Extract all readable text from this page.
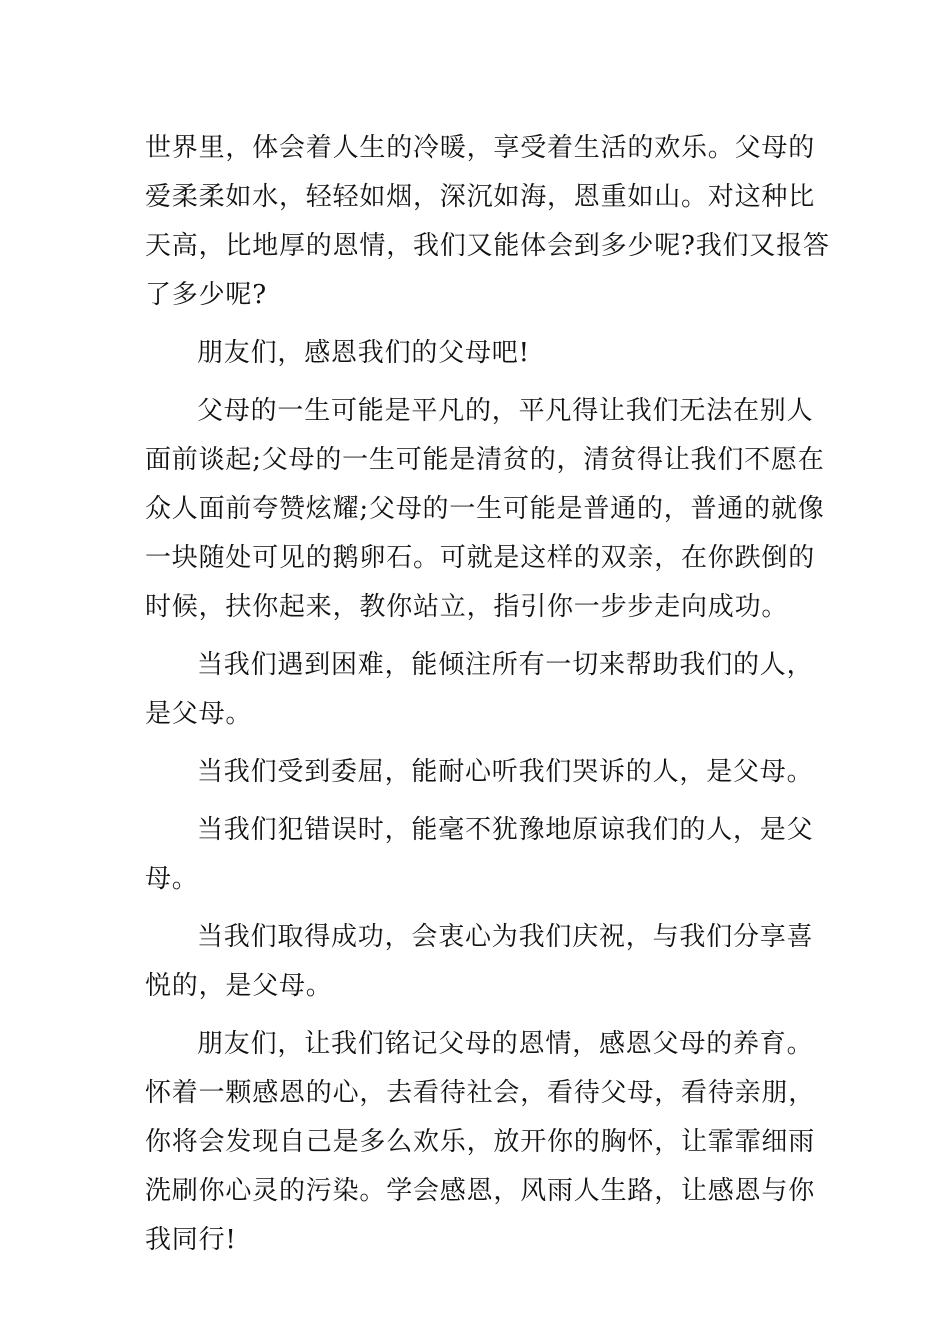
世界里，体会着人生的冷暖，享受着生活的欢乐。父母的
爱柔柔如水，轻轻如烟，深沉如海，恩重如山。对这种比
天高，比地厚的恩情，我们又能体会到多少呢?我们又报答
了多少呢?
朋友们，感恩我们的父母吧!
父母的一生可能是平凡的，平凡得让我们无法在别人
面前谈起;父母的一生可能是清贫的，清贫得让我们不愿在
众人面前夸赞炫耀;父母的一生可能是普通的，普通的就像
一块随处可见的鹅卵石。可就是这样的双亲，在你跌倒的
时候，扶你起来，教你站立，指引你一步步走向成功。
当我们遇到困难，能倾注所有一切来帮助我们的人，
是父母。
当我们受到委屈，能耐心听我们哭诉的人，是父母。
当我们犯错误时，能毫不犹豫地原谅我们的人，是父
母。
当我们取得成功，会衷心为我们庆祝，与我们分享喜
悦的，是父母。
朋友们，让我们铭记父母的恩情，感恩父母的养育。
怀着一颗感恩的心，去看待社会，看待父母，看待亲朋，
你将会发现自己是多么欢乐，放开你的胸怀，让霏霏细雨
洗刷你心灵的污染。学会感恩，风雨人生路，让感恩与你
我同行!
